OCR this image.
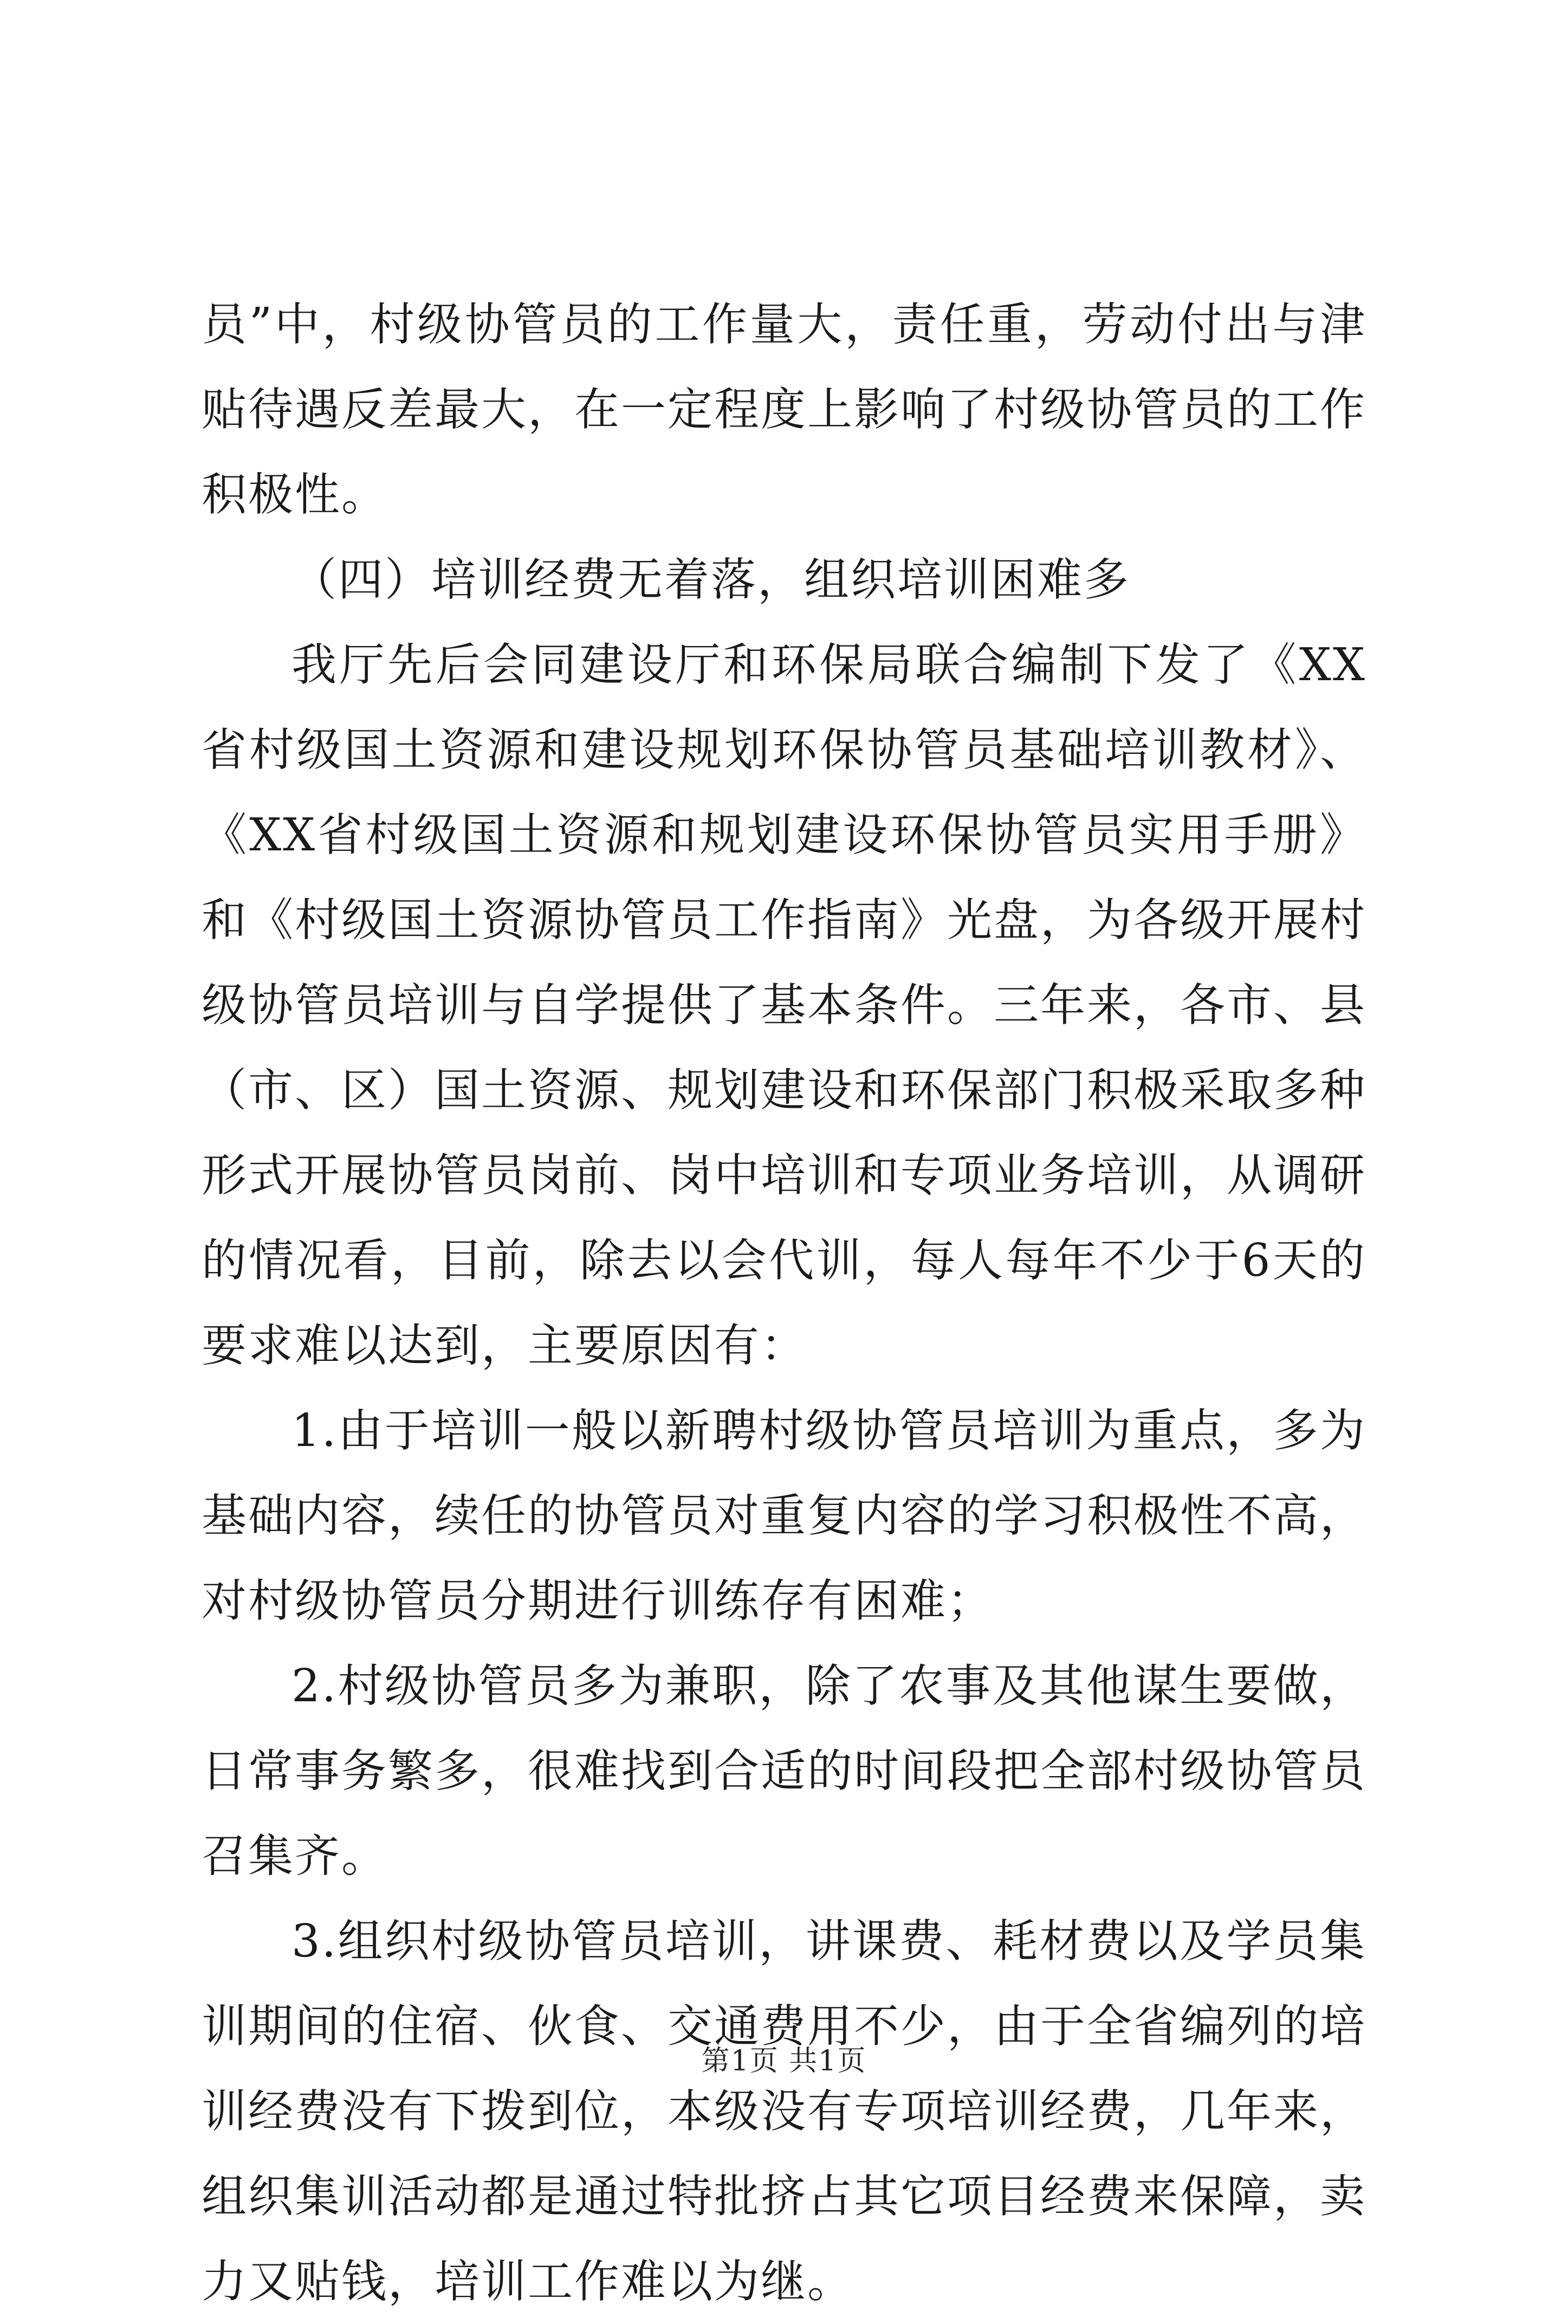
员”中，村级协管员的工作量大，责任重，劳动付出与津贴待遇反差最大，在一定程度上影响了村级协管员的工作积极性。

（四）培训经费无着落，组织培训困难多

我厅先后会同建设厅和环保局联合编制下发了《XX省村级国土资源和建设规划环保协管员基础培训教材》、《XX省村级国土资源和规划建设环保协管员实用手册》和《村级国土资源协管员工作指南》光盘，为各级开展村级协管员培训与自学提供了基本条件。三年来，各市、县（市、区）国土资源、规划建设和环保部门积极采取多种形式开展协管员岗前、岗中培训和专项业务培训，从调研的情况看，目前，除去以会代训，每人每年不少于6天的要求难以达到，主要原因有：

1.由于培训一般以新聘村级协管员培训为重点，多为基础内容，续任的协管员对重复内容的学习积极性不高，对村级协管员分期进行训练存有困难；

2.村级协管员多为兼职，除了农事及其他谋生要做，日常事务繁多，很难找到合适的时间段把全部村级协管员召集齐。

3.组织村级协管员培训，讲课费、耗材费以及学员集训期间的住宿、伙食、交通费用不少，由于全省编列的培训经费没有下拨到位，本级没有专项培训经费，几年来，组织集训活动都是通过特批挤占其它项目经费来保障，卖力又贴钱，培训工作难以为继。

第1页 共1页
